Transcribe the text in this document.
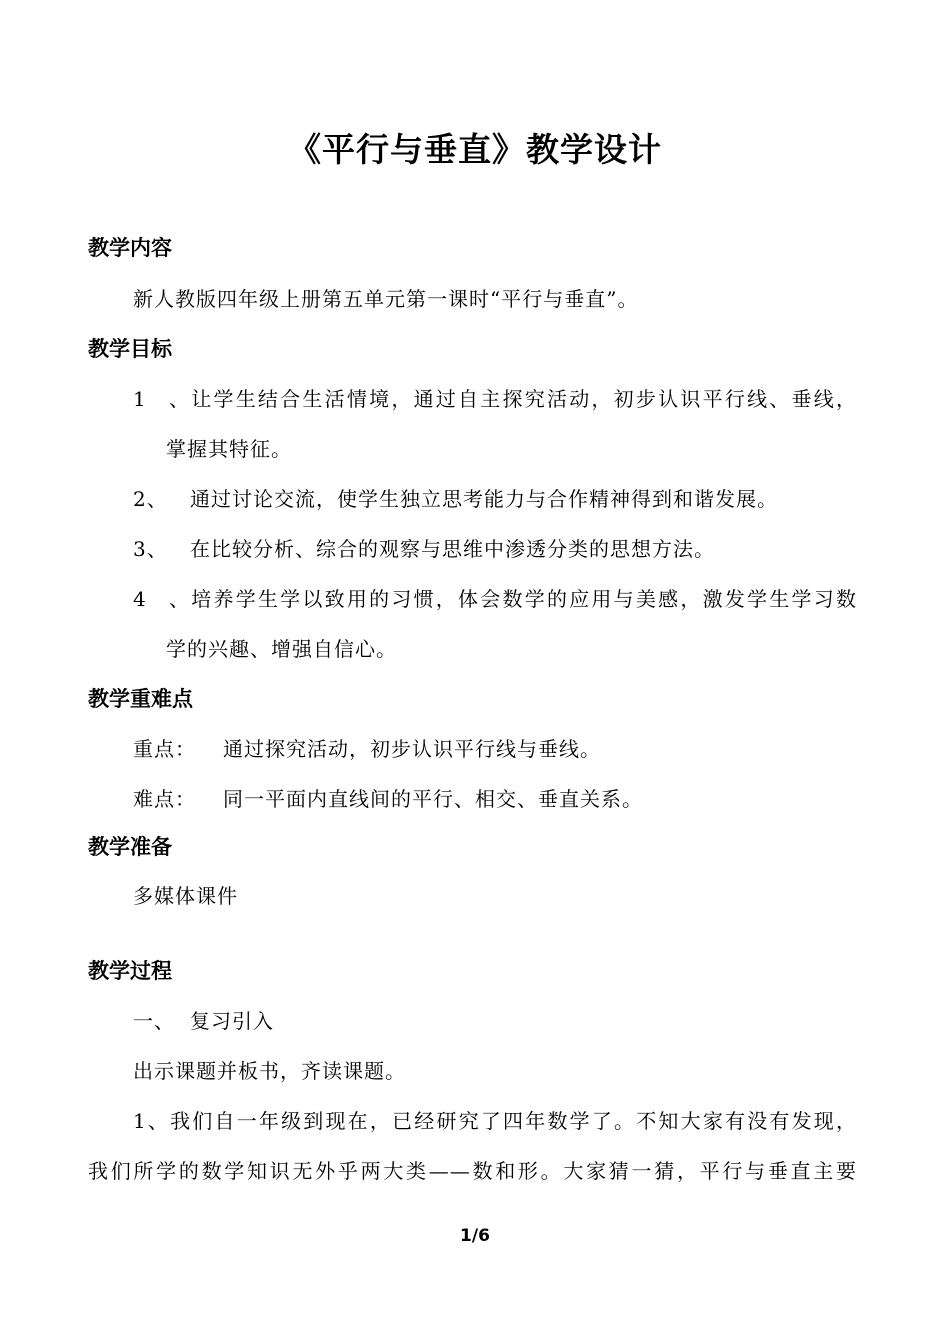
《平行与垂直》教学设计
教学内容
新人教版四年级上册第五单元第一课时“平行与垂直”。
教学目标
1、让学生结合生活情境，通过自主探究活动，初步认识平行线、垂线，
掌握其特征。
2、 通过讨论交流，使学生独立思考能力与合作精神得到和谐发展。
3、 在比较分析、综合的观察与思维中渗透分类的思想方法。
4、培养学生学以致用的习惯，体会数学的应用与美感，激发学生学习数
学的兴趣、增强自信心。
教学重难点
重点： 通过探究活动，初步认识平行线与垂线。
难点： 同一平面内直线间的平行、相交、垂直关系。
教学准备
多媒体课件
教学过程
一、 复习引入
出示课题并板书，齐读课题。
1、我们自一年级到现在，已经研究了四年数学了。不知大家有没有发现，
我们所学的数学知识无外乎两大类——数和形。大家猜一猜，平行与垂直主要
1/6
